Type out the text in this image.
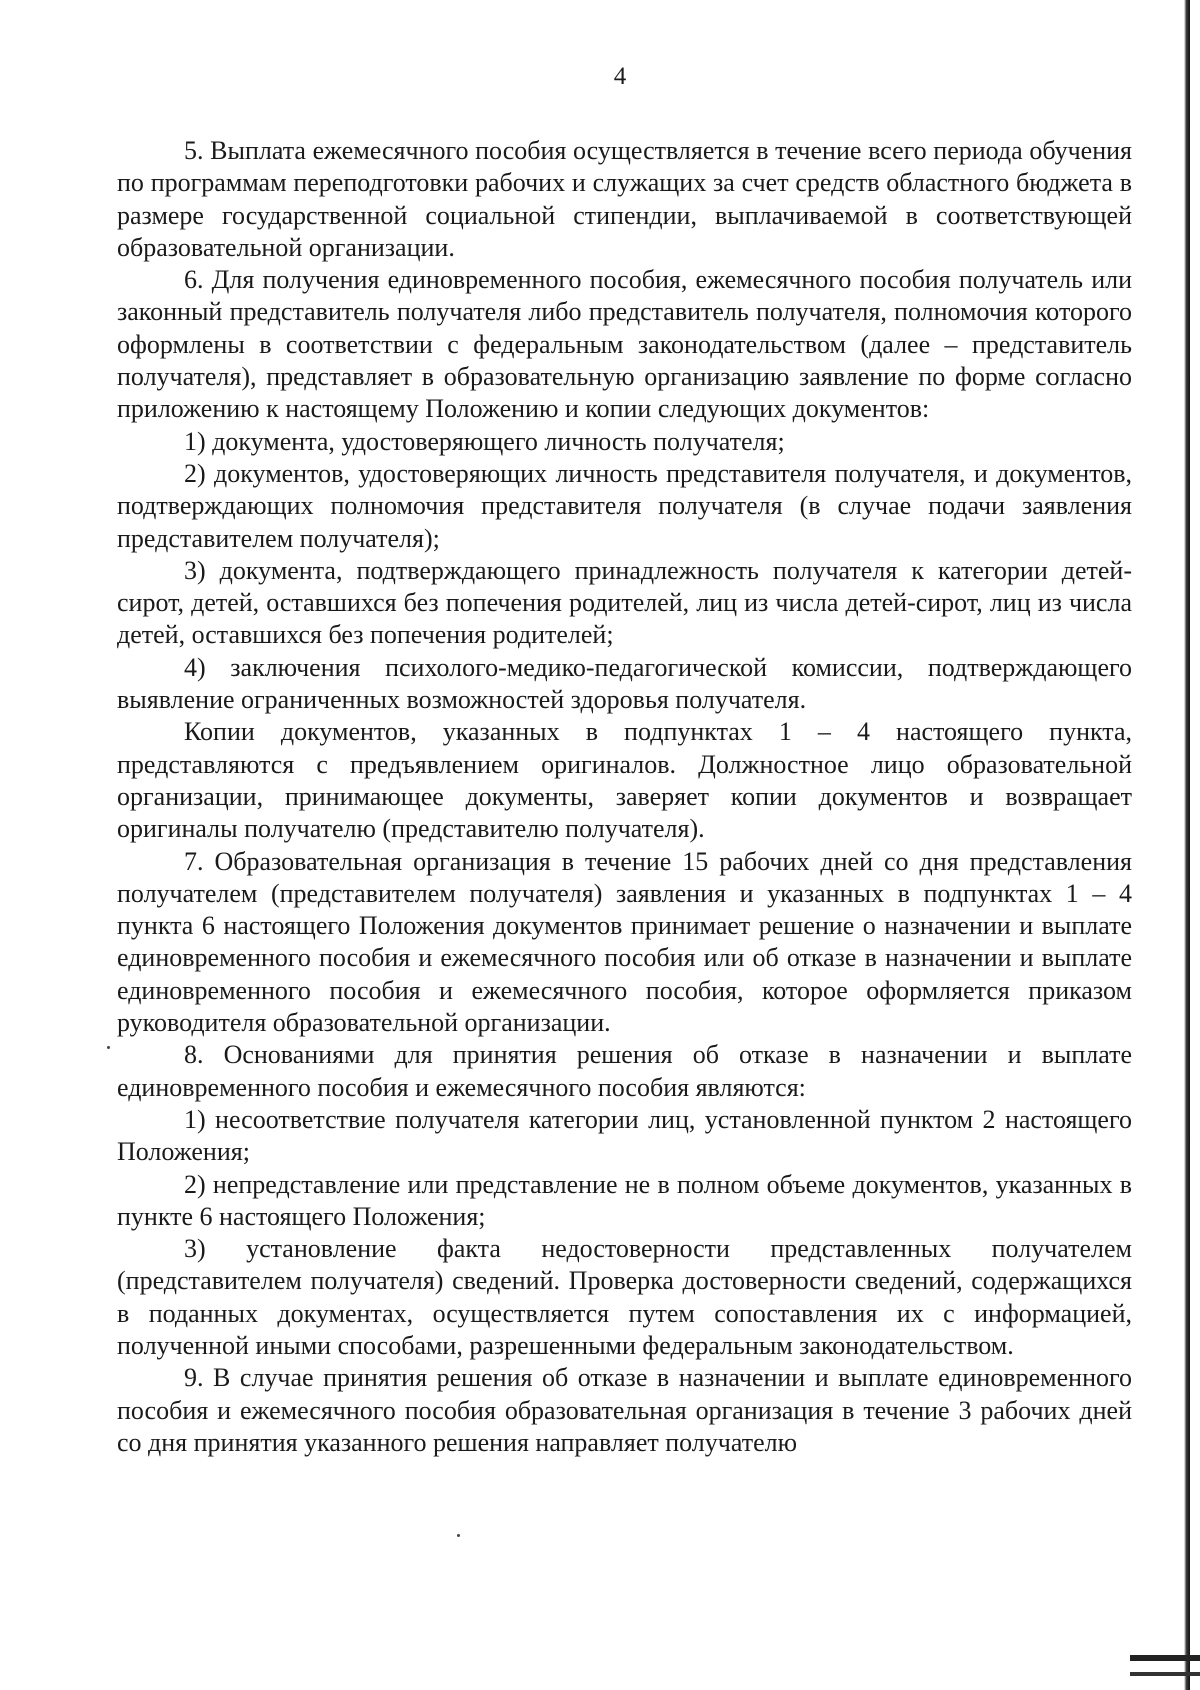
4

5. Выплата ежемесячного пособия осуществляется в течение всего периода обучения по программам переподготовки рабочих и служащих за счет средств областного бюджета в размере государственной социальной стипендии, выплачиваемой в соответствующей образовательной организации.

6. Для получения единовременного пособия, ежемесячного пособия получатель или законный представитель получателя либо представитель получателя, полномочия которого оформлены в соответствии с федеральным законодательством (далее – представитель получателя), представляет в образовательную организацию заявление по форме согласно приложению к настоящему Положению и копии следующих документов:

1) документа, удостоверяющего личность получателя;

2) документов, удостоверяющих личность представителя получателя, и документов, подтверждающих полномочия представителя получателя (в случае подачи заявления представителем получателя);

3) документа, подтверждающего принадлежность получателя к категории детей-сирот, детей, оставшихся без попечения родителей, лиц из числа детей-сирот, лиц из числа детей, оставшихся без попечения родителей;

4) заключения психолого-медико-педагогической комиссии, подтверждающего выявление ограниченных возможностей здоровья получателя.

Копии документов, указанных в подпунктах 1 – 4 настоящего пункта, представляются с предъявлением оригиналов. Должностное лицо образовательной организации, принимающее документы, заверяет копии документов и возвращает оригиналы получателю (представителю получателя).

7. Образовательная организация в течение 15 рабочих дней со дня представления получателем (представителем получателя) заявления и указанных в подпунктах 1 – 4 пункта 6 настоящего Положения документов принимает решение о назначении и выплате единовременного пособия и ежемесячного пособия или об отказе в назначении и выплате единовременного пособия и ежемесячного пособия, которое оформляется приказом руководителя образовательной организации.

8. Основаниями для принятия решения об отказе в назначении и выплате единовременного пособия и ежемесячного пособия являются:

1) несоответствие получателя категории лиц, установленной пунктом 2 настоящего Положения;

2) непредставление или представление не в полном объеме документов, указанных в пункте 6 настоящего Положения;

3) установление факта недостоверности представленных получателем (представителем получателя) сведений. Проверка достоверности сведений, содержащихся в поданных документах, осуществляется путем сопоставления их с информацией, полученной иными способами, разрешенными федеральным законодательством.

9. В случае принятия решения об отказе в назначении и выплате единовременного пособия и ежемесячного пособия образовательная организация в течение 3 рабочих дней со дня принятия указанного решения направляет получателю
